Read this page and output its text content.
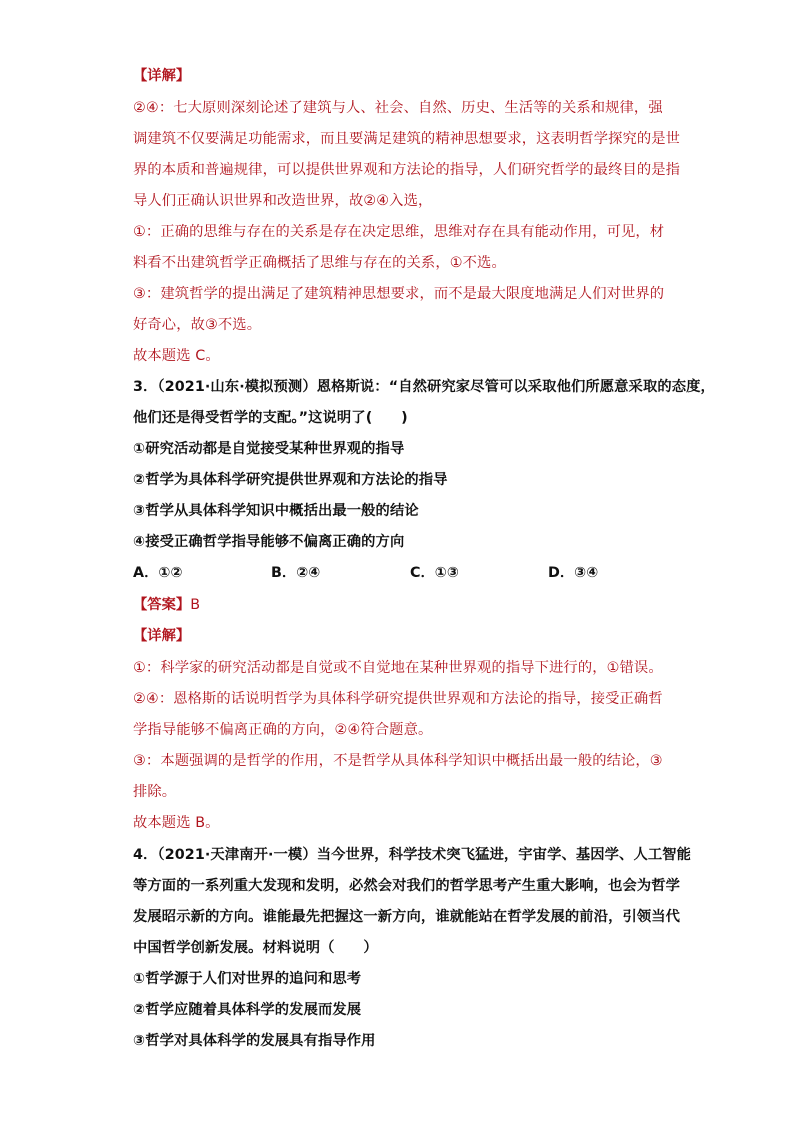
【详解】
②④：七大原则深刻论述了建筑与人、社会、自然、历史、生活等的关系和规律，强
调建筑不仅要满足功能需求，而且要满足建筑的精神思想要求，这表明哲学探究的是世
界的本质和普遍规律，可以提供世界观和方法论的指导，人们研究哲学的最终目的是指
导人们正确认识世界和改造世界，故②④入选，
①：正确的思维与存在的关系是存在决定思维，思维对存在具有能动作用，可见，材
料看不出建筑哲学正确概括了思维与存在的关系，①不选。
③：建筑哲学的提出满足了建筑精神思想要求，而不是最大限度地满足人们对世界的
好奇心，故③不选。
故本题选 C。
3．（2021·山东·模拟预测）恩格斯说：“自然研究家尽管可以采取他们所愿意采取的态度，
他们还是得受哲学的支配。”这说明了(　　)
①研究活动都是自觉接受某种世界观的指导
②哲学为具体科学研究提供世界观和方法论的指导
③哲学从具体科学知识中概括出最一般的结论
④接受正确哲学指导能够不偏离正确的方向
A．①②	B．②④	C．①③	D．③④
【答案】B
【详解】
①：科学家的研究活动都是自觉或不自觉地在某种世界观的指导下进行的，①错误。
②④：恩格斯的话说明哲学为具体科学研究提供世界观和方法论的指导，接受正确哲
学指导能够不偏离正确的方向，②④符合题意。
③：本题强调的是哲学的作用，不是哲学从具体科学知识中概括出最一般的结论，③
排除。
故本题选 B。
4．（2021·天津南开·一模）当今世界，科学技术突飞猛进，宇宙学、基因学、人工智能
等方面的一系列重大发现和发明，必然会对我们的哲学思考产生重大影响，也会为哲学
发展昭示新的方向。谁能最先把握这一新方向，谁就能站在哲学发展的前沿，引领当代
中国哲学创新发展。材料说明（　　）
①哲学源于人们对世界的追问和思考
②哲学应随着具体科学的发展而发展
③哲学对具体科学的发展具有指导作用
